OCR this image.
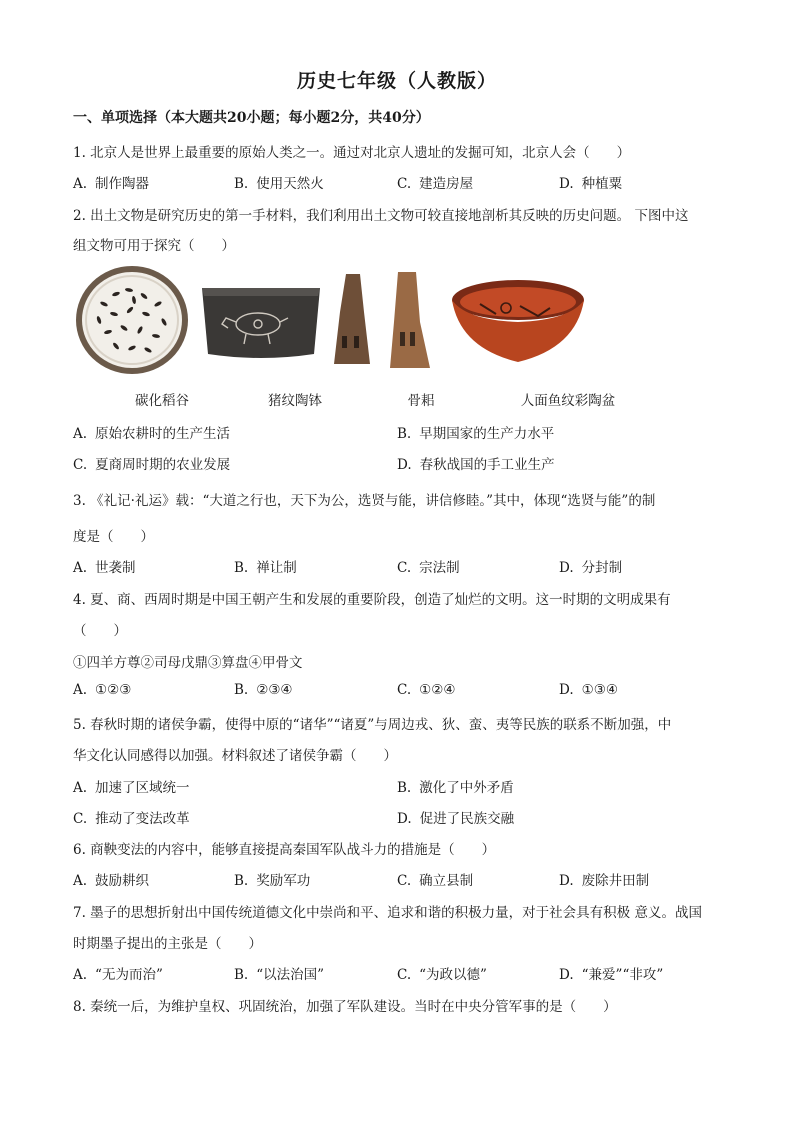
历史七年级（人教版）
一、单项选择（本大题共20小题；每小题2分，共40分）
1. 北京人是世界上最重要的原始人类之一。通过对北京人遗址的发掘可知，北京人会（　　）
A. 制作陶器	B. 使用天然火	C. 建造房屋	D. 种植粟
2. 出土文物是研究历史的第一手材料，我们利用出土文物可较直接地剖析其反映的历史问题。 下图中这
组文物可用于探究（　　）
碳化稻谷	猪纹陶钵	骨耜	人面鱼纹彩陶盆
A. 原始农耕时的生产生活	B. 早期国家的生产力水平
C. 夏商周时期的农业发展	D. 春秋战国的手工业生产
3. 《礼记·礼运》载：“大道之行也，天下为公，选贤与能，讲信修睦。”其中，体现“选贤与能”的制
度是（　　）
A. 世袭制	B. 禅让制	C. 宗法制	D. 分封制
4. 夏、商、西周时期是中国王朝产生和发展的重要阶段，创造了灿烂的文明。这一时期的文明成果有
（　　）
①四羊方尊②司母戊鼎③算盘④甲骨文
A. ①②③	B. ②③④	C. ①②④	D. ①③④
5. 春秋时期的诸侯争霸，使得中原的“诸华”“诸夏”与周边戎、狄、蛮、夷等民族的联系不断加强，中
华文化认同感得以加强。材料叙述了诸侯争霸（　　）
A. 加速了区域统一	B. 激化了中外矛盾
C. 推动了变法改革	D. 促进了民族交融
6. 商鞅变法的内容中，能够直接提高秦国军队战斗力的措施是（　　）
A. 鼓励耕织	B. 奖励军功	C. 确立县制	D. 废除井田制
7. 墨子的思想折射出中国传统道德文化中崇尚和平、追求和谐的积极力量，对于社会具有积极 意义。战国
时期墨子提出的主张是（　　）
A. “无为而治”	B. “以法治国”	C. “为政以德”	D. “兼爱”“非攻”
8. 秦统一后，为维护皇权、巩固统治，加强了军队建设。当时在中央分管军事的是（　　）
